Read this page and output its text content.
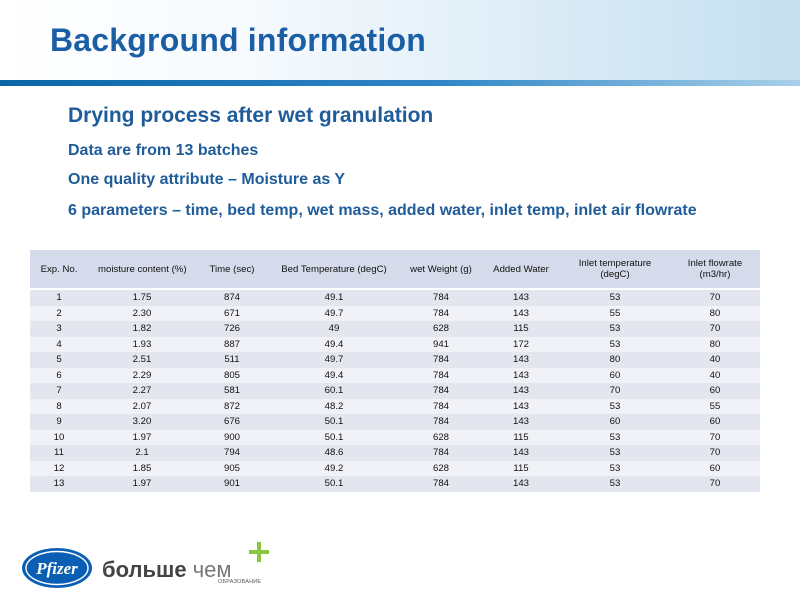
Background information
Drying process after wet granulation
Data are from 13 batches
One quality attribute – Moisture as Y
6 parameters – time, bed temp, wet mass, added water, inlet temp, inlet air flowrate
Exp. No.	moisture content (%)	Time (sec)	Bed Temperature (degC)	wet Weight (g)	Added Water	Inlet temperature (degC)	Inlet flowrate (m3/hr)
1	1.75	874	49.1	784	143	53	70
2	2.30	671	49.7	784	143	55	80
3	1.82	726	49	628	115	53	70
4	1.93	887	49.4	941	172	53	80
5	2.51	511	49.7	784	143	80	40
6	2.29	805	49.4	784	143	60	40
7	2.27	581	60.1	784	143	70	60
8	2.07	872	48.2	784	143	53	55
9	3.20	676	50.1	784	143	60	60
10	1.97	900	50.1	628	115	53	70
11	2.1	794	48.6	784	143	53	70
12	1.85	905	49.2	628	115	53	60
13	1.97	901	50.1	784	143	53	70
Pfizer больше чем
ОБРАЗОВАНИЕ
